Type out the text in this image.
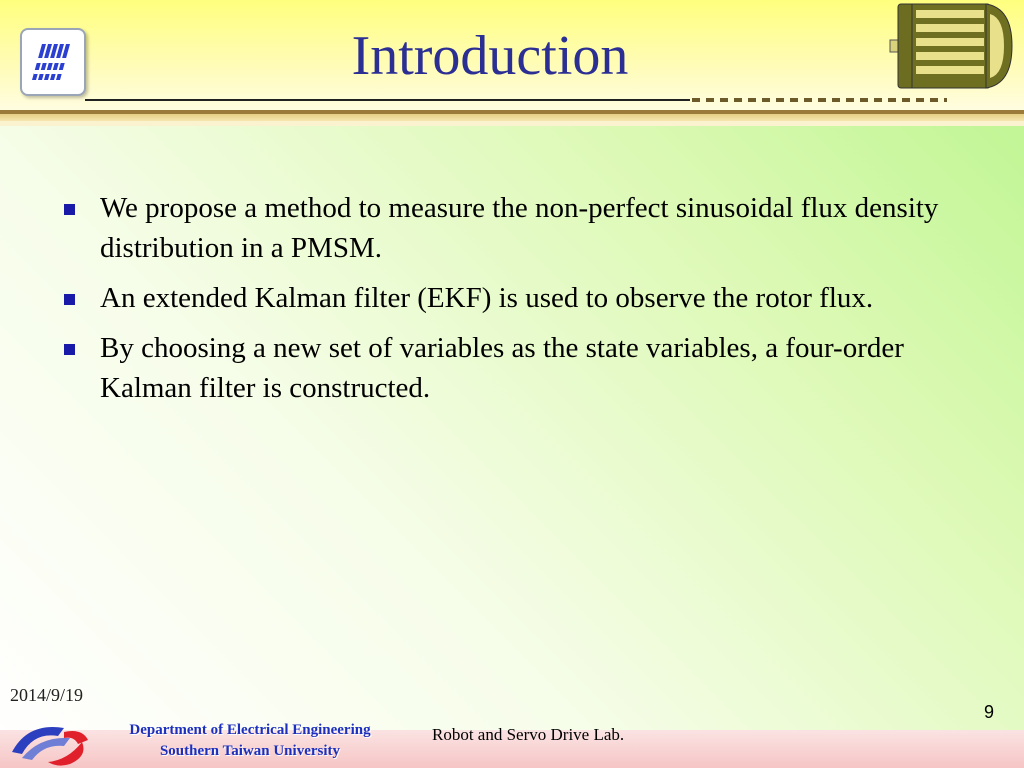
Introduction
We propose a method to measure the non-perfect sinusoidal flux density distribution in a PMSM.
An extended Kalman filter (EKF) is used to observe the rotor flux.
By choosing a new set of variables as the state variables, a four-order Kalman filter is constructed.
2014/9/19
9
Department of Electrical Engineering
Southern Taiwan University
Robot and Servo Drive Lab.
